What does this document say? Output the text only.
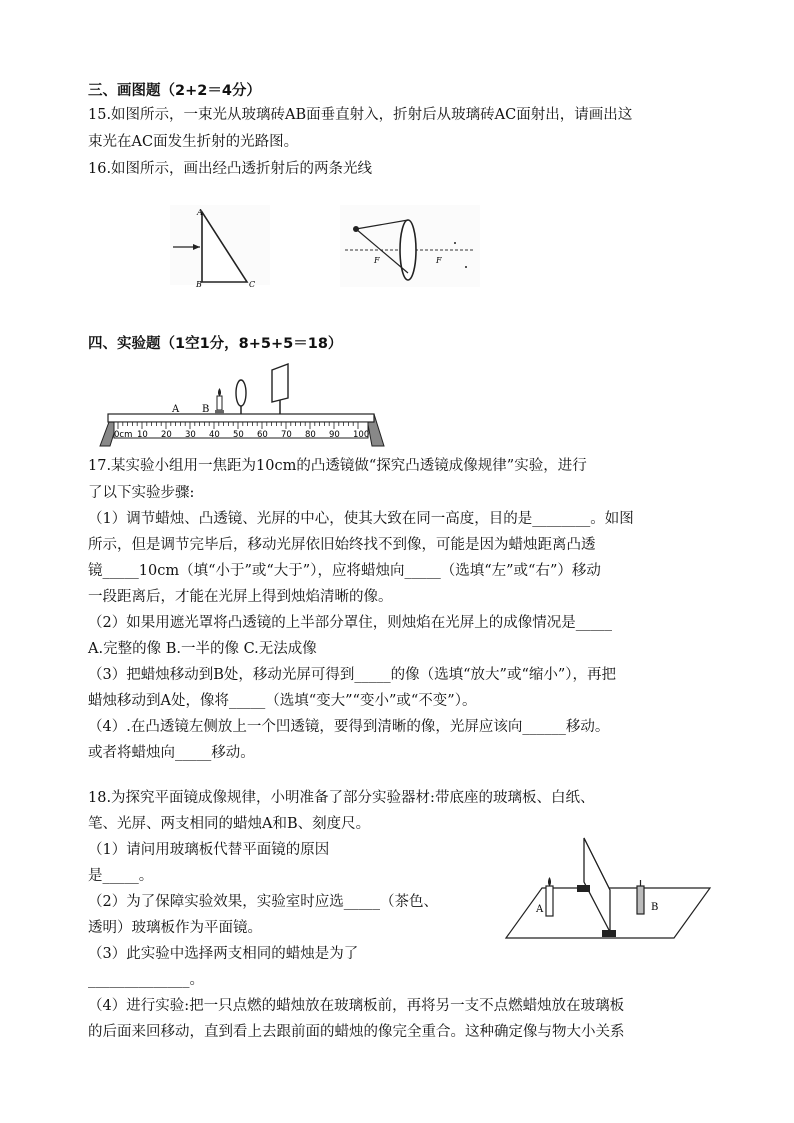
三、画图题（2+2＝4分）
15.如图所示，一束光从玻璃砖AB面垂直射入，折射后从玻璃砖AC面射出，请画出这
束光在AC面发生折射的光路图。
16.如图所示，画出经凸透折射后的两条光线
A
B	C
F	F
四、实验题（1空1分，8+5+5＝18）
0cm 10 20 30 40 50 60 70 80 90 100
A B
17.某实验小组用一焦距为10cm的凸透镜做“探究凸透镜成像规律”实验，进行
了以下实验步骤:
（1）调节蜡烛、凸透镜、光屏的中心，使其大致在同一高度，目的是________。如图
所示，但是调节完毕后，移动光屏依旧始终找不到像，可能是因为蜡烛距离凸透
镜_____10cm（填“小于”或“大于”），应将蜡烛向_____（选填“左”或“右”）移动
一段距离后，才能在光屏上得到烛焰清晰的像。
（2）如果用遮光罩将凸透镜的上半部分罩住，则烛焰在光屏上的成像情况是_____
A.完整的像 B.一半的像 C.无法成像
（3）把蜡烛移动到B处，移动光屏可得到_____的像（选填“放大”或“缩小”），再把
蜡烛移动到A处，像将_____（选填“变大”“变小”或“不变”）。
（4）.在凸透镜左侧放上一个凹透镜，要得到清晰的像，光屏应该向______移动。
或者将蜡烛向_____移动。
18.为探究平面镜成像规律，小明准备了部分实验器材:带底座的玻璃板、白纸、
笔、光屏、两支相同的蜡烛A和B、刻度尺。
（1）请问用玻璃板代替平面镜的原因
是_____。
（2）为了保障实验效果，实验室时应选_____（茶色、
透明）玻璃板作为平面镜。
（3）此实验中选择两支相同的蜡烛是为了
______________。
（4）进行实验:把一只点燃的蜡烛放在玻璃板前，再将另一支不点燃蜡烛放在玻璃板
的后面来回移动，直到看上去跟前面的蜡烛的像完全重合。这种确定像与物大小关系
A	B
